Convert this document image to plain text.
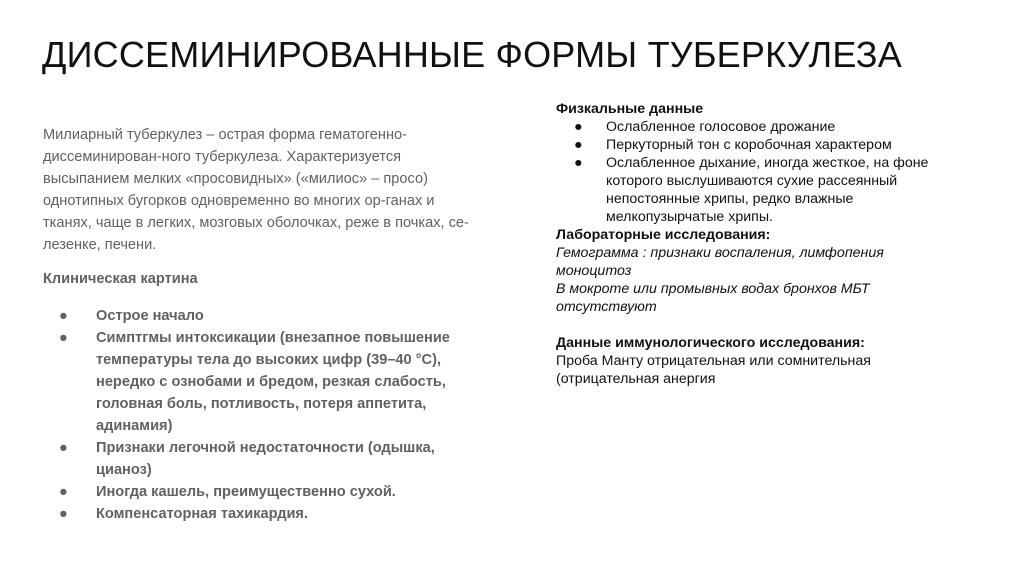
ДИССЕМИНИРОВАННЫЕ ФОРМЫ ТУБЕРКУЛЕЗА

Милиарный туберкулез – острая форма гематогенно-диссеминирован-ного туберкулеза. Характеризуется высыпанием мелких «просовидных» («милиос» – просо) однотипных бугорков одновременно во многих ор-ганах и тканях, чаще в легких, мозговых оболочках, реже в почках, се-лезенке, печени.

Клиническая картина
● Острое начало
● Симптгмы интоксикации (внезапное повышение температуры тела до высоких цифр (39–40 °С), нередко с ознобами и бредом, резкая слабость, головная боль, потливость, потеря аппетита, адинамия)
● Признаки легочной недостаточности (одышка, цианоз)
● Иногда кашель, преимущественно сухой.
● Компенсаторная тахикардия.
Физкальные данные
● Ослабленное голосовое дрожание
● Перкуторный тон с коробочная характером
● Ослабленное дыхание, иногда жесткое, на фоне которого выслушиваются сухие рассеянный непостоянные хрипы, редко влажные мелкопузырчатые хрипы.
Лабораторные исследования:
Гемограмма : признаки воспаления, лимфопения моноцитоз
В мокроте или промывных водах бронхов МБТ отсутствуют
Данные иммунологического исследования:
Проба Манту отрицательная или сомнительная (отрицательная анергия
